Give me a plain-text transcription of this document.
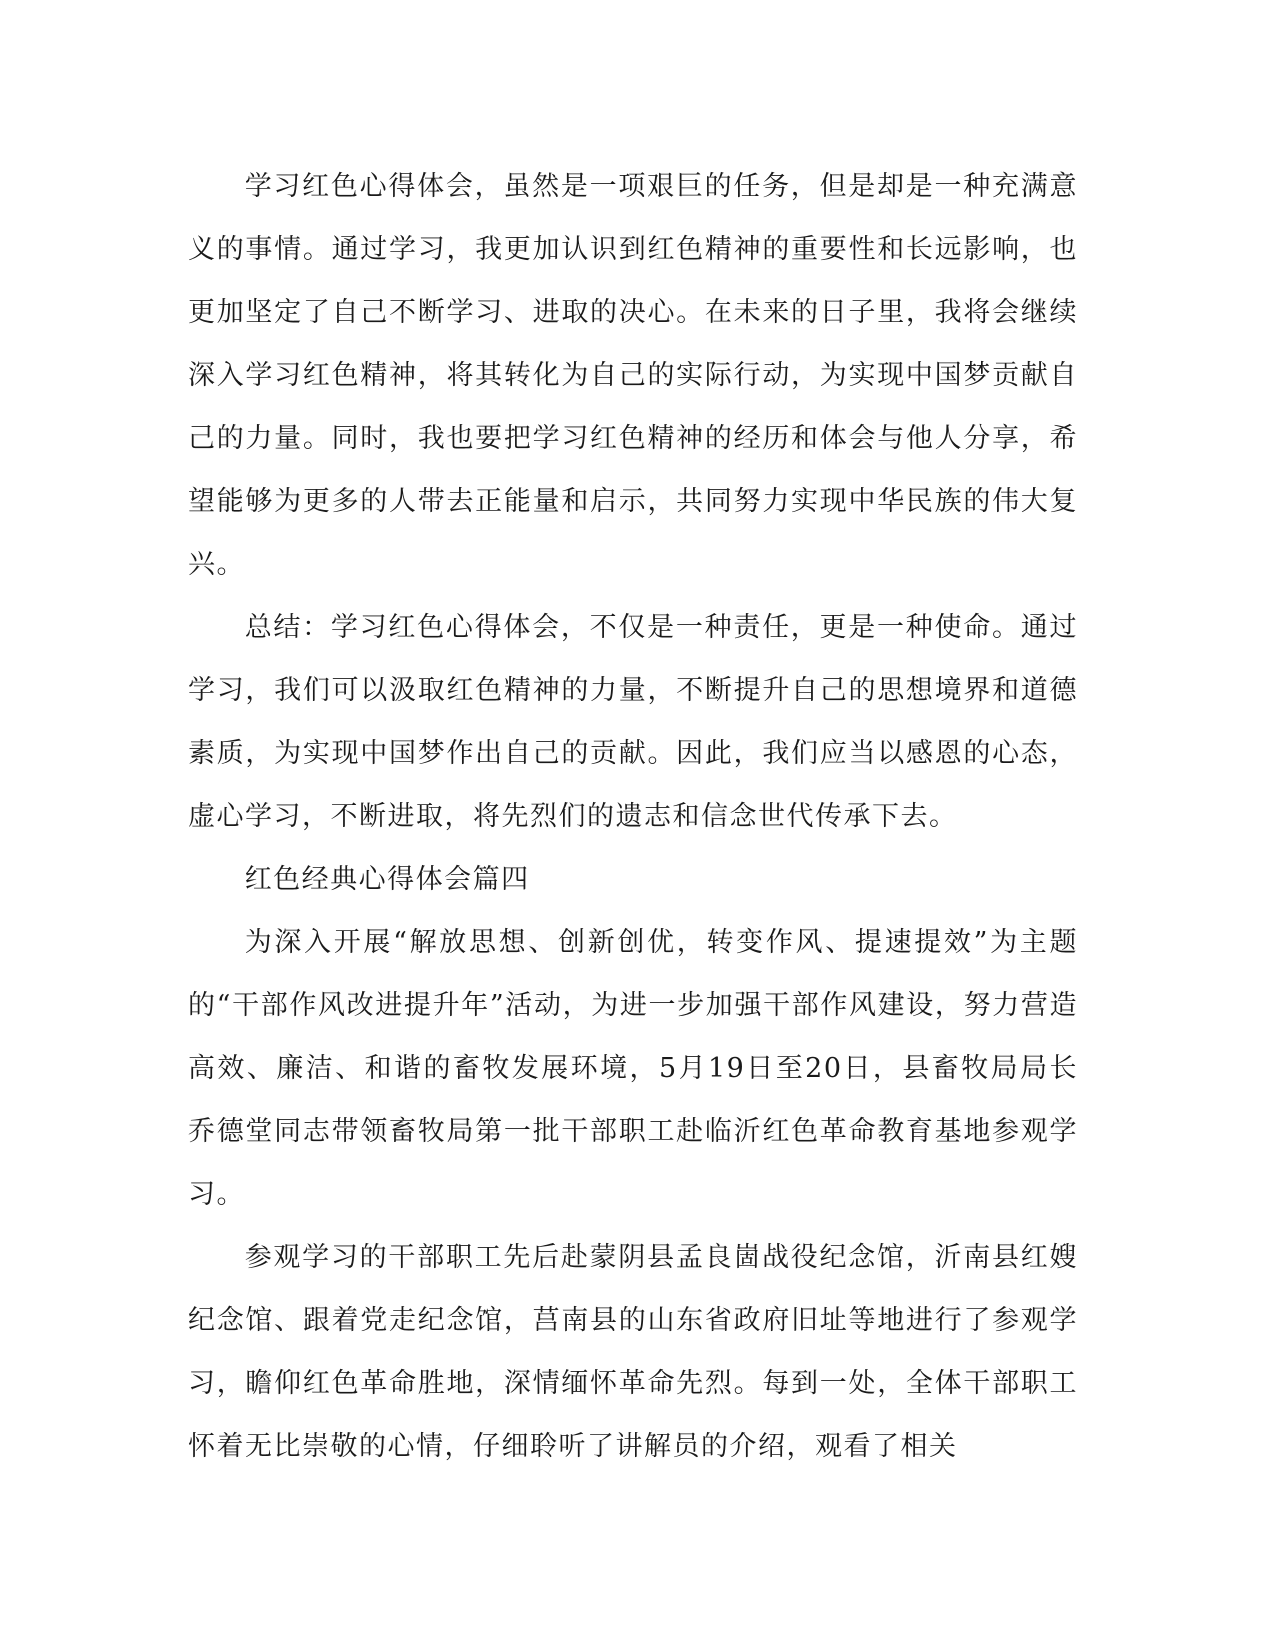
学习红色心得体会，虽然是一项艰巨的任务，但是却是一种充满意义的事情。通过学习，我更加认识到红色精神的重要性和长远影响，也更加坚定了自己不断学习、进取的决心。在未来的日子里，我将会继续深入学习红色精神，将其转化为自己的实际行动，为实现中国梦贡献自己的力量。同时，我也要把学习红色精神的经历和体会与他人分享，希望能够为更多的人带去正能量和启示，共同努力实现中华民族的伟大复兴。

总结：学习红色心得体会，不仅是一种责任，更是一种使命。通过学习，我们可以汲取红色精神的力量，不断提升自己的思想境界和道德素质，为实现中国梦作出自己的贡献。因此，我们应当以感恩的心态，虚心学习，不断进取，将先烈们的遗志和信念世代传承下去。

红色经典心得体会篇四

为深入开展“解放思想、创新创优，转变作风、提速提效”为主题的“干部作风改进提升年”活动，为进一步加强干部作风建设，努力营造高效、廉洁、和谐的畜牧发展环境，5月19日至20日，县畜牧局局长乔德堂同志带领畜牧局第一批干部职工赴临沂红色革命教育基地参观学习。

参观学习的干部职工先后赴蒙阴县孟良崮战役纪念馆，沂南县红嫂纪念馆、跟着党走纪念馆，莒南县的山东省政府旧址等地进行了参观学习，瞻仰红色革命胜地，深情缅怀革命先烈。每到一处，全体干部职工怀着无比崇敬的心情，仔细聆听了讲解员的介绍，观看了相关
